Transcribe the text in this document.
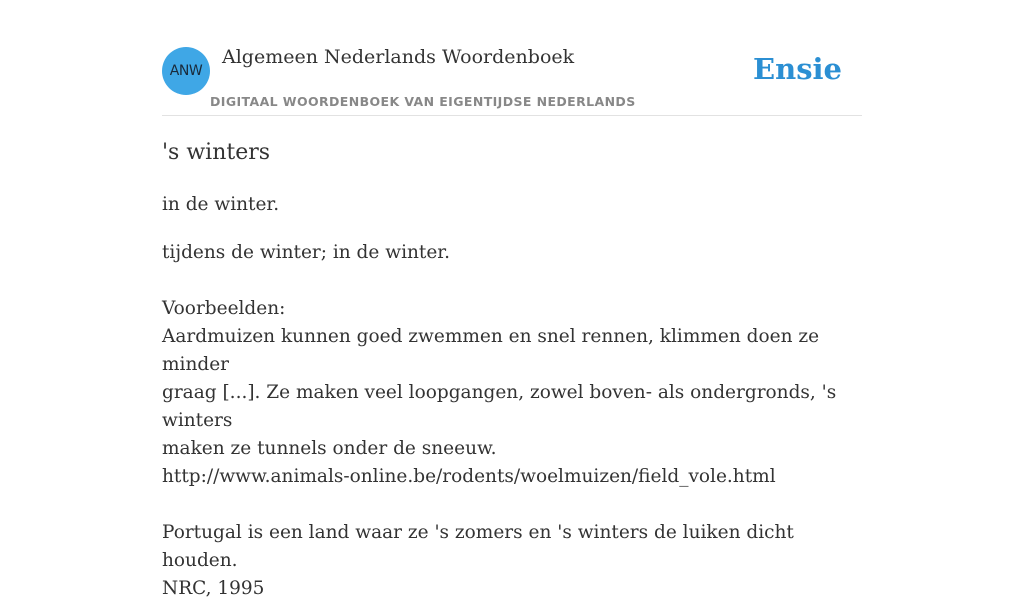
ANW
Algemeen Nederlands Woordenboek
DIGITAAL WOORDENBOEK VAN EIGENTIJDSE NEDERLANDS
Ensie
's winters
in de winter.

tijdens de winter; in de winter.

Voorbeelden:

Aardmuizen kunnen goed zwemmen en snel rennen, klimmen doen ze minder

graag [...]. Ze maken veel loopgangen, zowel boven- als ondergronds, 's winters

maken ze tunnels onder de sneeuw.

http://www.animals-online.be/rodents/woelmuizen/field_vole.html

Portugal is een land waar ze 's zomers en 's winters de luiken dicht houden.

NRC, 1995
